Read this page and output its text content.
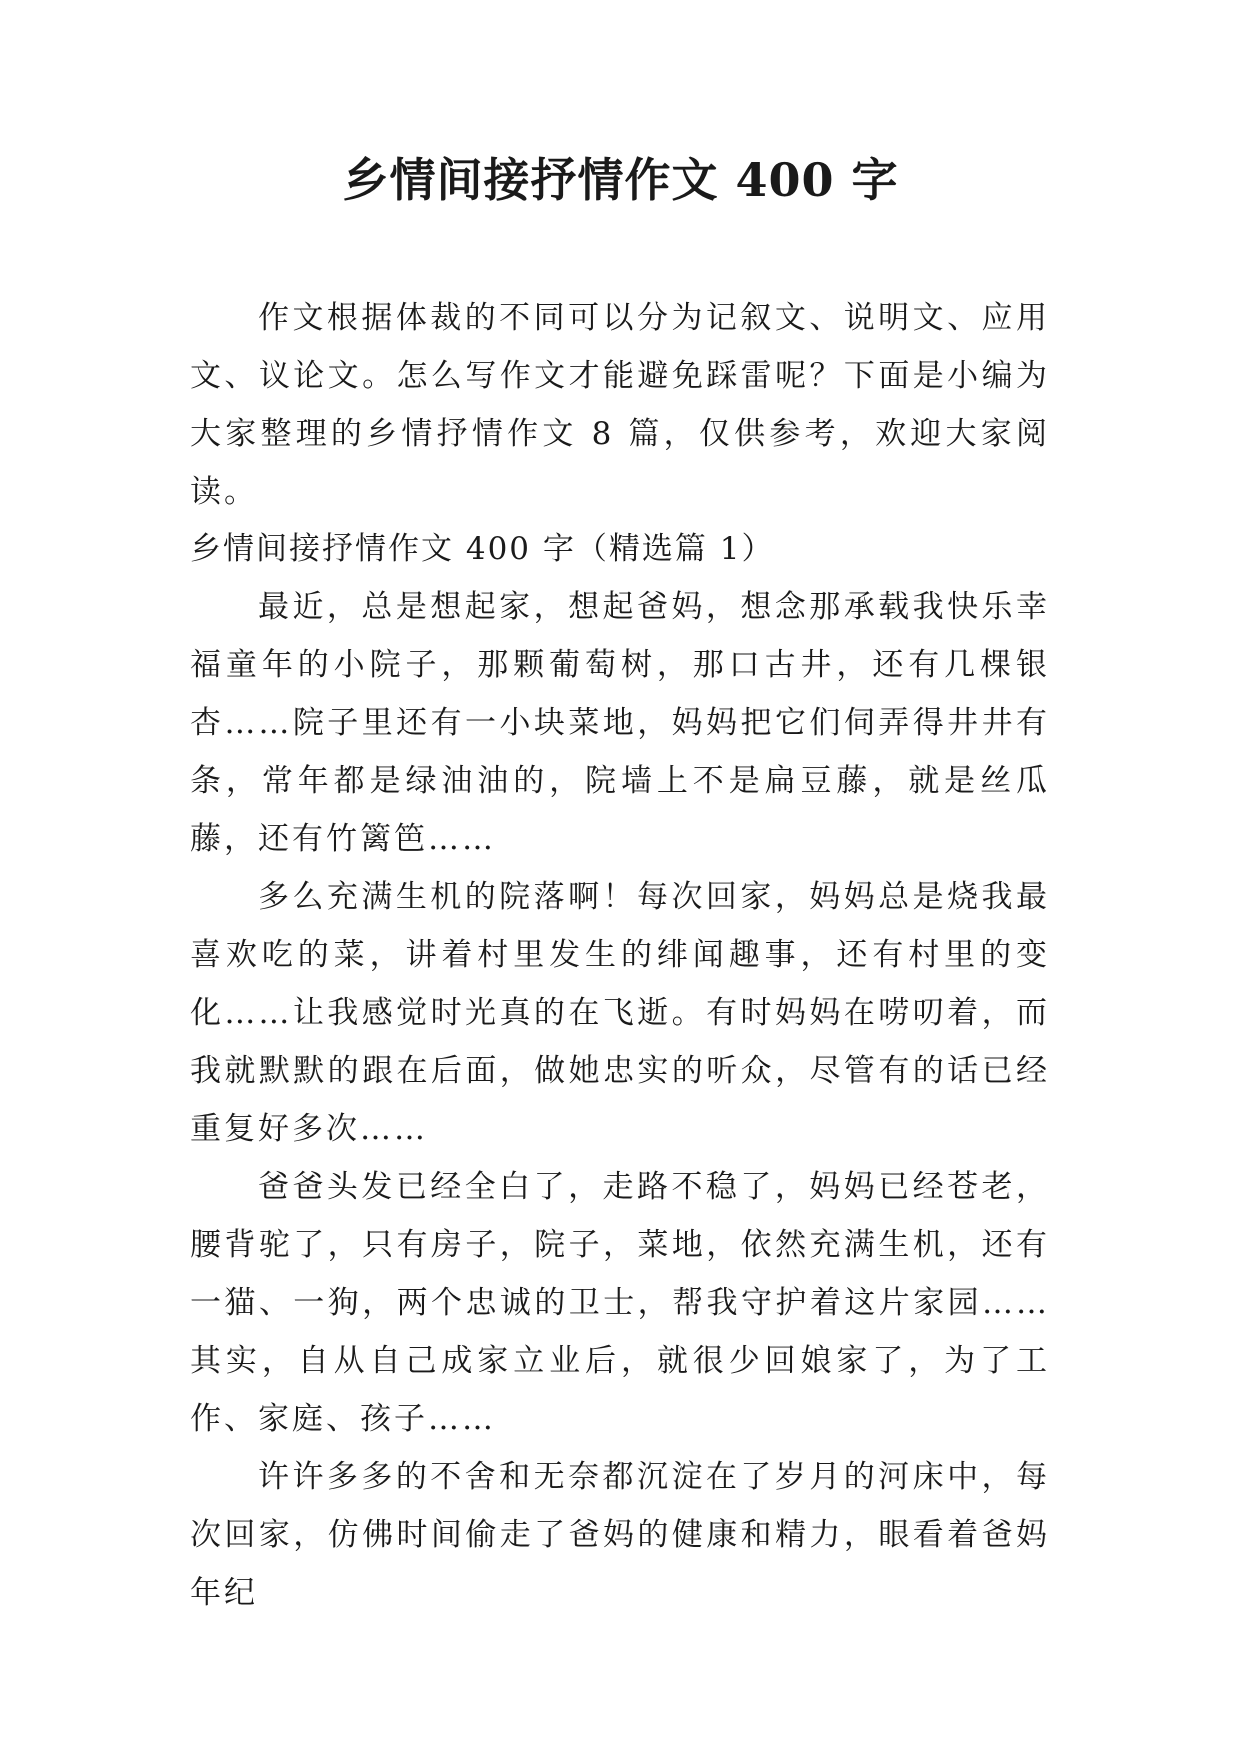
乡情间接抒情作文 400 字

作文根据体裁的不同可以分为记叙文、说明文、应用文、议论文。怎么写作文才能避免踩雷呢？下面是小编为大家整理的乡情抒情作文 8 篇，仅供参考，欢迎大家阅读。

乡情间接抒情作文 400 字（精选篇 1）

最近，总是想起家，想起爸妈，想念那承载我快乐幸福童年的小院子，那颗葡萄树，那口古井，还有几棵银杏……院子里还有一小块菜地，妈妈把它们伺弄得井井有条，常年都是绿油油的，院墙上不是扁豆藤，就是丝瓜藤，还有竹篱笆……

多么充满生机的院落啊！每次回家，妈妈总是烧我最喜欢吃的菜，讲着村里发生的绯闻趣事，还有村里的变化……让我感觉时光真的在飞逝。有时妈妈在唠叨着，而我就默默的跟在后面，做她忠实的听众，尽管有的话已经重复好多次……

爸爸头发已经全白了，走路不稳了，妈妈已经苍老，腰背驼了，只有房子，院子，菜地，依然充满生机，还有一猫、一狗，两个忠诚的卫士，帮我守护着这片家园……其实，自从自己成家立业后，就很少回娘家了，为了工作、家庭、孩子……

许许多多的不舍和无奈都沉淀在了岁月的河床中，每次回家，仿佛时间偷走了爸妈的健康和精力，眼看着爸妈年纪
